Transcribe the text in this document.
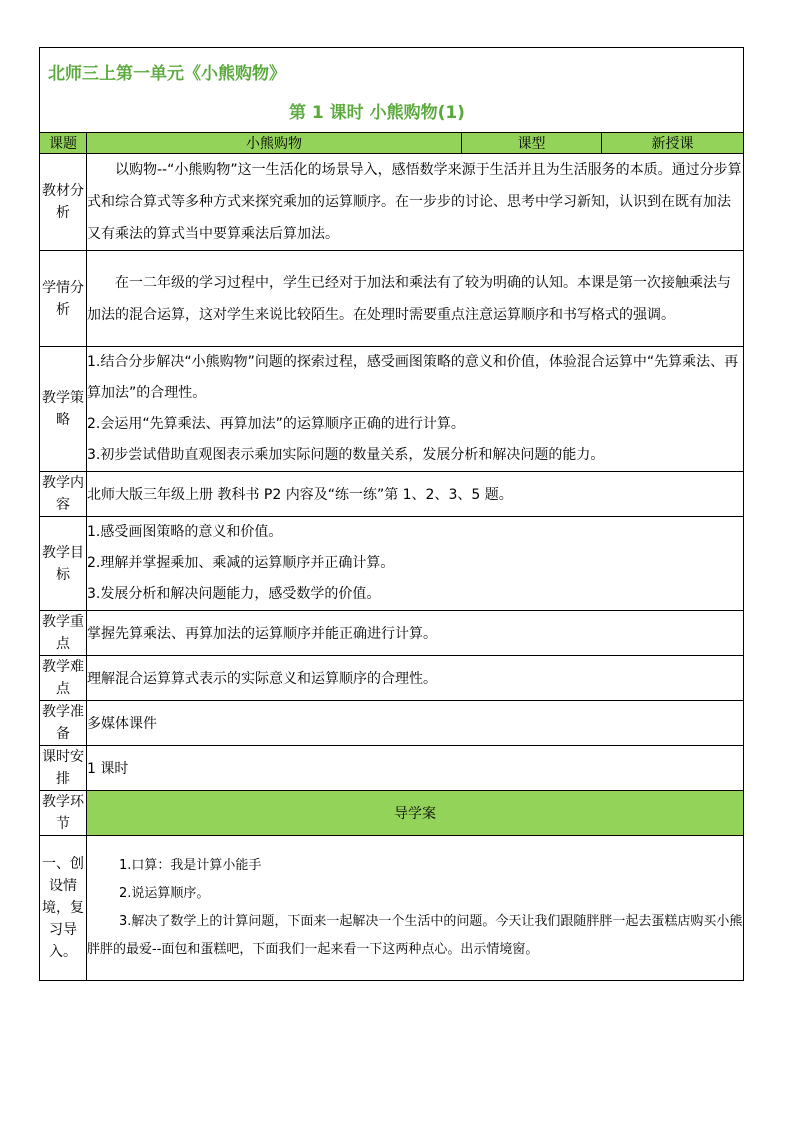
北师三上第一单元《小熊购物》
第 1 课时 小熊购物(1)			

课题	小熊购物	课型	新授课
教材分析	以购物--“小熊购物”这一生活化的场景导入，感悟数学来源于生活并且为生活服务的本质。通过分步算式和综合算式等多种方式来探究乘加的运算顺序。在一步步的讨论、思考中学习新知，认识到在既有加法又有乘法的算式当中要算乘法后算加法。		
学情分析	在一二年级的学习过程中，学生已经对于加法和乘法有了较为明确的认知。本课是第一次接触乘法与加法的混合运算，这对学生来说比较陌生。在处理时需要重点注意运算顺序和书写格式的强调。		
教学策略	1.结合分步解决“小熊购物”问题的探索过程，感受画图策略的意义和价值，体验混合运算中“先算乘法、再算加法”的合理性。
2.会运用“先算乘法、再算加法”的运算顺序正确的进行计算。
3.初步尝试借助直观图表示乘加实际问题的数量关系，发展分析和解决问题的能力。		

教学内容	北师大版三年级上册 教科书 P2 内容及“练一练”第 1、2、3、5 题。		
教学目标	1.感受画图策略的意义和价值。
2.理解并掌握乘加、乘减的运算顺序并正确计算。
3.发展分析和解决问题能力，感受数学的价值。		

教学重点	掌握先算乘法、再算加法的运算顺序并能正确进行计算。		
教学难点	理解混合运算算式表示的实际意义和运算顺序的合理性。		
教学准备	多媒体课件		
课时安排	1 课时		
教学环节	导学案		
一、创设情境，复习导入。	1.口算：我是计算小能手
2.说运算顺序。
3.解决了数学上的计算问题，下面来一起解决一个生活中的问题。今天让我们跟随胖胖一起去蛋糕店购买小熊胖胖的最爱--面包和蛋糕吧，下面我们一起来看一下这两种点心。出示情境窗。		
